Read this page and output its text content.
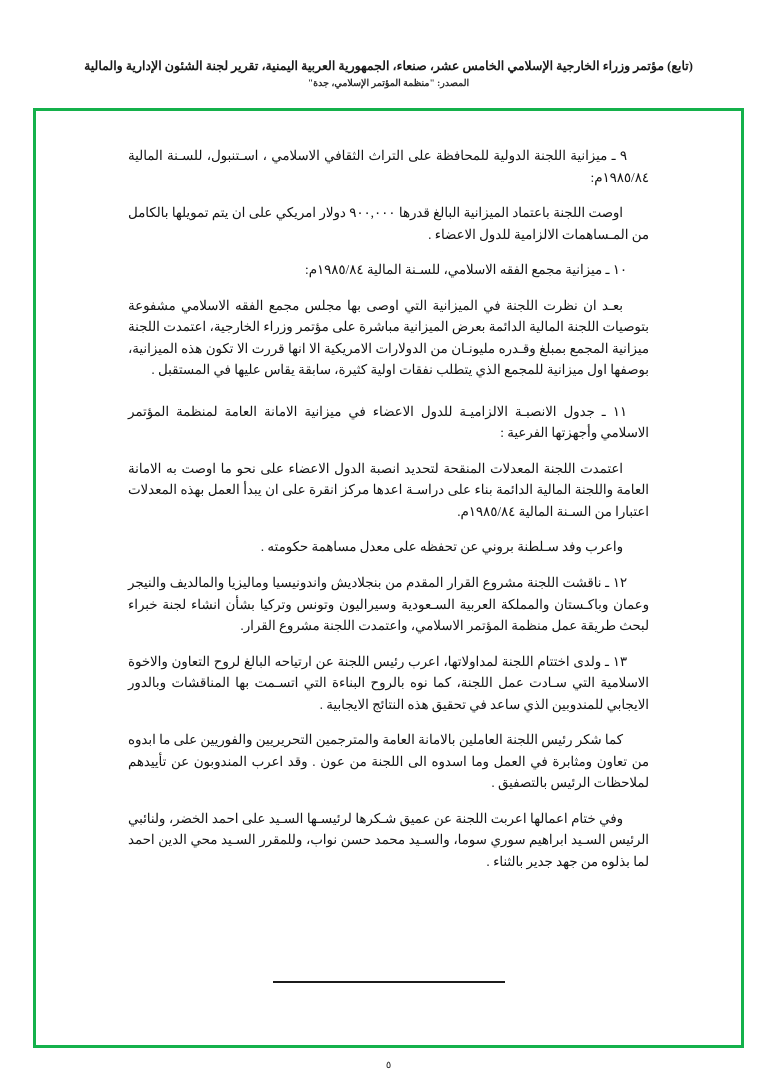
(تابع) مؤتمر وزراء الخارجية الإسلامي الخامس عشر، صنعاء، الجمهورية العربية اليمنية، تقرير لجنة الشئون الإدارية والمالية
المصدر: "منظمة المؤتمر الإسلامي، جدة"

٩ ـ ميزانية اللجنة الدولية للمحافظة على التراث الثقافي الاسلامي ، اسـتنبول، للسـنة المالية ١٩٨٥/٨٤م:

اوصت اللجنة باعتماد الميزانية البالغ قدرها ٩٠٠,٠٠٠ دولار امريكي على ان يتم تمويلها بالكامل من المـساهمات الالزامية للدول الاعضاء .

١٠ ـ ميزانية مجمع الفقه الاسلامي، للسـنة المالية ١٩٨٥/٨٤م:

بعـد ان نظرت اللجنة في الميزانية التي اوصى بها مجلس مجمع الفقه الاسلامي مشفوعة بتوصيات اللجنة المالية الدائمة بعرض الميزانية مباشرة على مؤتمر وزراء الخارجية، اعتمدت اللجنة ميزانية المجمع بمبلغ وقـدره مليونـان من الدولارات الامريكية الا انها قررت الا تكون هذه الميزانية، بوصفها اول ميزانية للمجمع الذي يتطلب نفقات اولية كثيرة، سابقة يقاس عليها في المستقبل .

١١ ـ جدول الانصبـة الالزاميـة للدول الاعضاء في ميزانية الامانة العامة لمنظمة المؤتمر الاسلامي وأجهزتها الفرعية :

اعتمدت اللجنة المعدلات المنقحة لتحديد انصبة الدول الاعضاء على نحو ما اوصت به الامانة العامة واللجنة المالية الدائمة بناء على دراسـة اعدها مركز انقرة على ان يبدأ العمل بهذه المعدلات اعتبارا من السـنة المالية ١٩٨٥/٨٤م.

واعرب وفد سـلطنة بروني عن تحفظه على معدل مساهمة حكومته .

١٢ ـ ناقشت اللجنة مشروع القرار المقدم من بنجلاديش واندونيسيا وماليزيا والمالديف والنيجر وعمان وباكـستان والمملكة العربية السـعودية وسيراليون وتونس وتركيا بشأن انشاء لجنة خبراء لبحث طريقة عمل منظمة المؤتمر الاسلامي، واعتمدت اللجنة مشروع القرار.

١٣ ـ ولدى اختتام اللجنة لمداولاتها، اعرب رئيس اللجنة عن ارتياحه البالغ لروح التعاون والاخوة الاسلامية التي سـادت عمل اللجنة، كما نوه بالروح البناءة التي اتسـمت بها المناقشات وبالدور الايجابي للمندوبين الذي ساعد في تحقيق هذه النتائج الايجابية .

كما شكر رئيس اللجنة العاملين بالامانة العامة والمترجمين التحريريين والفوريين على ما ابدوه من تعاون ومثابرة في العمل وما اسدوه الى اللجنة من عون . وقد اعرب المندوبون عن تأييدهم لملاحظات الرئيس بالتصفيق .

وفي ختام اعمالها اعربت اللجنة عن عميق شـكرها لرئيسـها السـيد على احمد الخضر، ولنائبي الرئيس السـيد ابراهيم سوري سوما، والسـيد محمد حسن نواب، وللمقرر السـيد محي الدين احمد لما بذلوه من جهد جدير بالثناء .

٥
